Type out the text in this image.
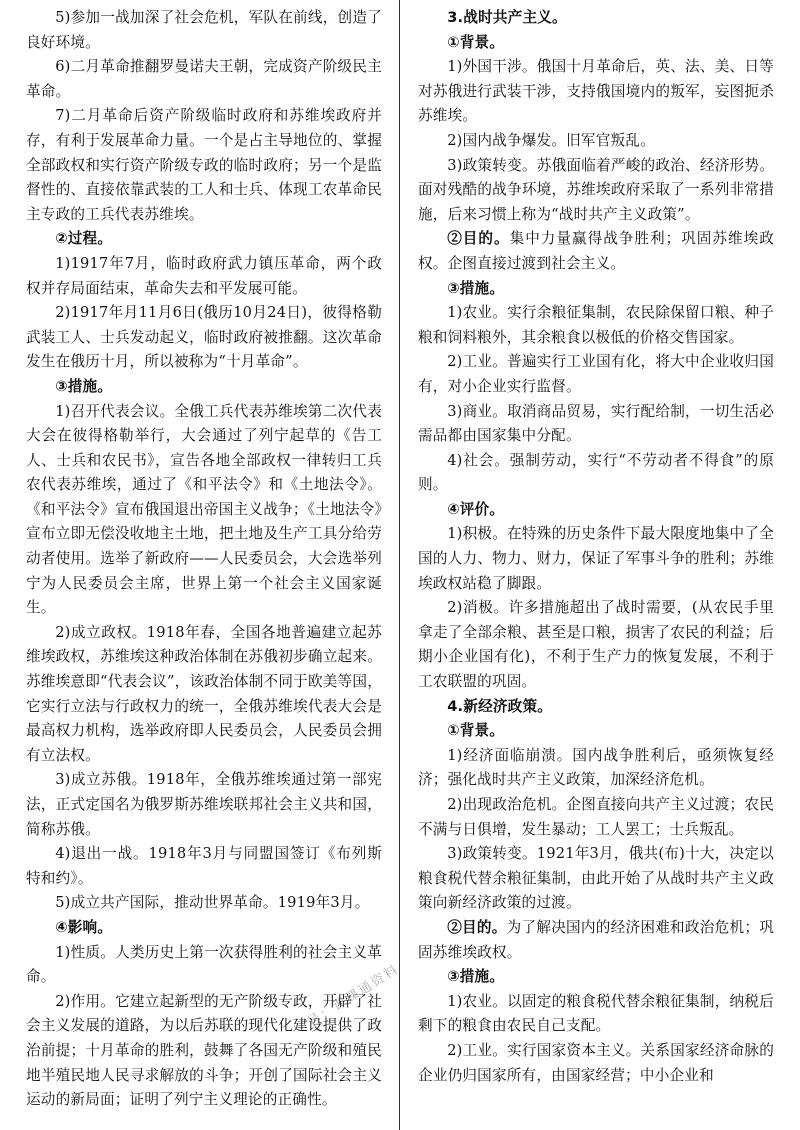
5)参加一战加深了社会危机，军队在前线，创造了良好环境。

6)二月革命推翻罗曼诺夫王朝，完成资产阶级民主革命。

7)二月革命后资产阶级临时政府和苏维埃政府并存，有利于发展革命力量。一个是占主导地位的、掌握全部政权和实行资产阶级专政的临时政府；另一个是监督性的、直接依靠武装的工人和士兵、体现工农革命民主专政的工兵代表苏维埃。

②过程。

1)1917年7月，临时政府武力镇压革命，两个政权并存局面结束，革命失去和平发展可能。

2)1917年月11月6日(俄历10月24日)，彼得格勒武装工人、士兵发动起义，临时政府被推翻。这次革命发生在俄历十月，所以被称为“十月革命”。

③措施。

1)召开代表会议。全俄工兵代表苏维埃第二次代表大会在彼得格勒举行，大会通过了列宁起草的《告工人、士兵和农民书》，宣告各地全部政权一律转归工兵农代表苏维埃，通过了《和平法令》和《土地法令》。《和平法令》宣布俄国退出帝国主义战争；《土地法令》宣布立即无偿没收地主土地，把土地及生产工具分给劳动者使用。选举了新政府——人民委员会，大会选举列宁为人民委员会主席，世界上第一个社会主义国家诞生。

2)成立政权。1918年春，全国各地普遍建立起苏维埃政权，苏维埃这种政治体制在苏俄初步确立起来。苏维埃意即“代表会议”，该政治体制不同于欧美等国，它实行立法与行政权力的统一，全俄苏维埃代表大会是最高权力机构，选举政府即人民委员会，人民委员会拥有立法权。

3)成立苏俄。1918年，全俄苏维埃通过第一部宪法，正式定国名为俄罗斯苏维埃联邦社会主义共和国，简称苏俄。

4)退出一战。1918年3月与同盟国签订《布列斯特和约》。

5)成立共产国际，推动世界革命。1919年3月。

④影响。

1)性质。人类历史上第一次获得胜利的社会主义革命。

2)作用。它建立起新型的无产阶级专政，开辟了社会主义发展的道路，为以后苏联的现代化建设提供了政治前提；十月革命的胜利，鼓舞了各国无产阶级和殖民地半殖民地人民寻求解放的斗争；开创了国际社会主义运动的新局面；证明了列宁主义理论的正确性。

3.战时共产主义。

①背景。

1)外国干涉。俄国十月革命后，英、法、美、日等对苏俄进行武装干涉，支持俄国境内的叛军，妄图扼杀苏维埃。

2)国内战争爆发。旧军官叛乱。

3)政策转变。苏俄面临着严峻的政治、经济形势。面对残酷的战争环境，苏维埃政府采取了一系列非常措施，后来习惯上称为“战时共产主义政策”。

②目的。集中力量赢得战争胜利；巩固苏维埃政权。企图直接过渡到社会主义。

③措施。

1)农业。实行余粮征集制，农民除保留口粮、种子粮和饲料粮外，其余粮食以极低的价格交售国家。

2)工业。普遍实行工业国有化，将大中企业收归国有，对小企业实行监督。

3)商业。取消商品贸易，实行配给制，一切生活必需品都由国家集中分配。

4)社会。强制劳动，实行“不劳动者不得食”的原则。

④评价。

1)积极。在特殊的历史条件下最大限度地集中了全国的人力、物力、财力，保证了军事斗争的胜利；苏维埃政权站稳了脚跟。

2)消极。许多措施超出了战时需要，(从农民手里拿走了全部余粮、甚至是口粮，损害了农民的利益；后期小企业国有化)，不利于生产力的恢复发展，不利于工农联盟的巩固。

4.新经济政策。

①背景。

1)经济面临崩溃。国内战争胜利后，亟须恢复经济；强化战时共产主义政策，加深经济危机。

2)出现政治危机。企图直接向共产主义过渡；农民不满与日俱增，发生暴动；工人罢工；士兵叛乱。

3)政策转变。1921年3月，俄共(布)十大，决定以粮食税代替余粮征集制，由此开始了从战时共产主义政策向新经济政策的过渡。

②目的。为了解决国内的经济困难和政治危机；巩固苏维埃政权。

③措施。

1)农业。以固定的粮食税代替余粮征集制，纳税后剩下的粮食由农民自己支配。

2)工业。实行国家资本主义。关系国家经济命脉的企业仍归国家所有，由国家经营；中小企业和

号：课课通资料
